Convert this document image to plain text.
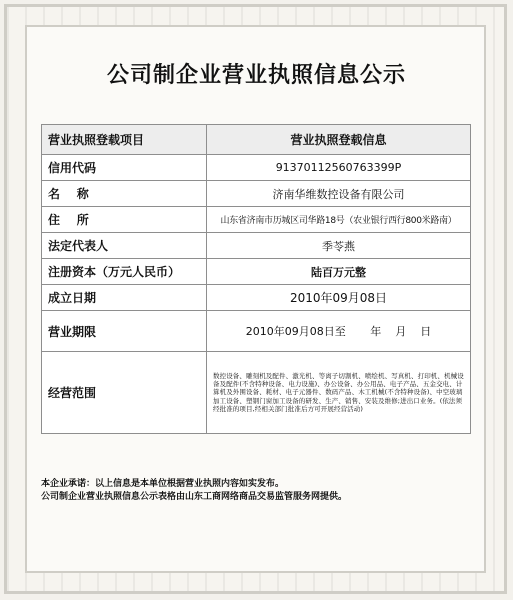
公司制企业营业执照信息公示
营业执照登载项目	营业执照登载信息
信用代码	91370112560763399P
名    称	济南华维数控设备有限公司
住    所	山东省济南市历城区司华路18号（农业银行西行800米路南）
法定代表人	季苓燕
注册资本（万元人民币）	陆百万元整
成立日期	2010年09月08日
营业期限	2010年09月08日至       年    月    日
经营范围	数控设备、雕刻机及配件、激光机、等离子切割机、喷绘机、写真机、打印机、机械设备及配件(不含特种设备、电力设施)、办公设备、办公用品、电子产品、五金交电、计算机及外围设备、耗材、电子元器件、数码产品、木工机械(不含特种设备)、中空玻璃加工设备、塑钢门窗加工设备的研发、生产、销售、安装及维修;进出口业务。(依法须经批准的项目,经相关部门批准后方可开展经营活动)
本企业承诺：以上信息是本单位根据营业执照内容如实发布。
公司制企业营业执照信息公示表格由山东工商网络商品交易监管服务网提供。
